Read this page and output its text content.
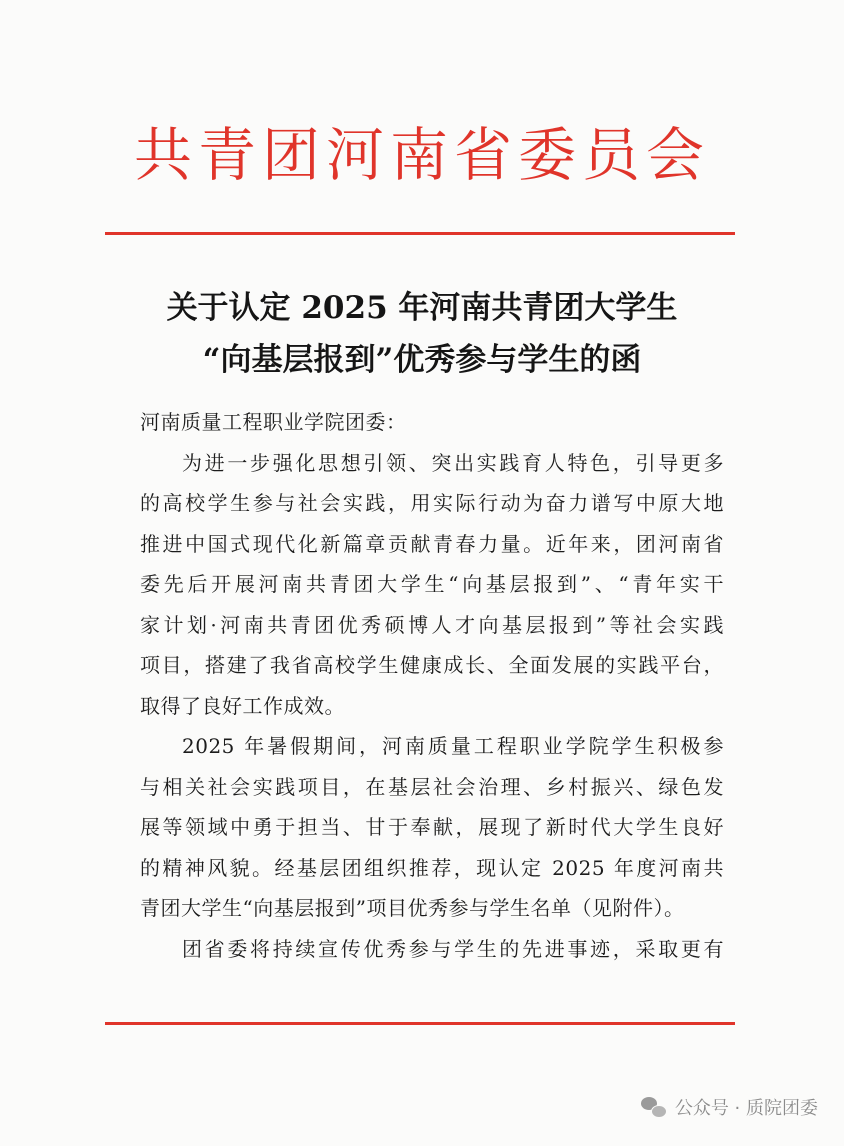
共青团河南省委员会
关于认定 2025 年河南共青团大学生
“向基层报到”优秀参与学生的函
河南质量工程职业学院团委：
为进一步强化思想引领、突出实践育人特色，引导更多
的高校学生参与社会实践，用实际行动为奋力谱写中原大地
推进中国式现代化新篇章贡献青春力量。近年来，团河南省
委先后开展河南共青团大学生“向基层报到”、“青年实干
家计划·河南共青团优秀硕博人才向基层报到”等社会实践
项目，搭建了我省高校学生健康成长、全面发展的实践平台，
取得了良好工作成效。
2025 年暑假期间，河南质量工程职业学院学生积极参
与相关社会实践项目，在基层社会治理、乡村振兴、绿色发
展等领域中勇于担当、甘于奉献，展现了新时代大学生良好
的精神风貌。经基层团组织推荐，现认定 2025 年度河南共
青团大学生“向基层报到”项目优秀参与学生名单（见附件）。
团省委将持续宣传优秀参与学生的先进事迹，采取更有
公众号 · 质院团委
